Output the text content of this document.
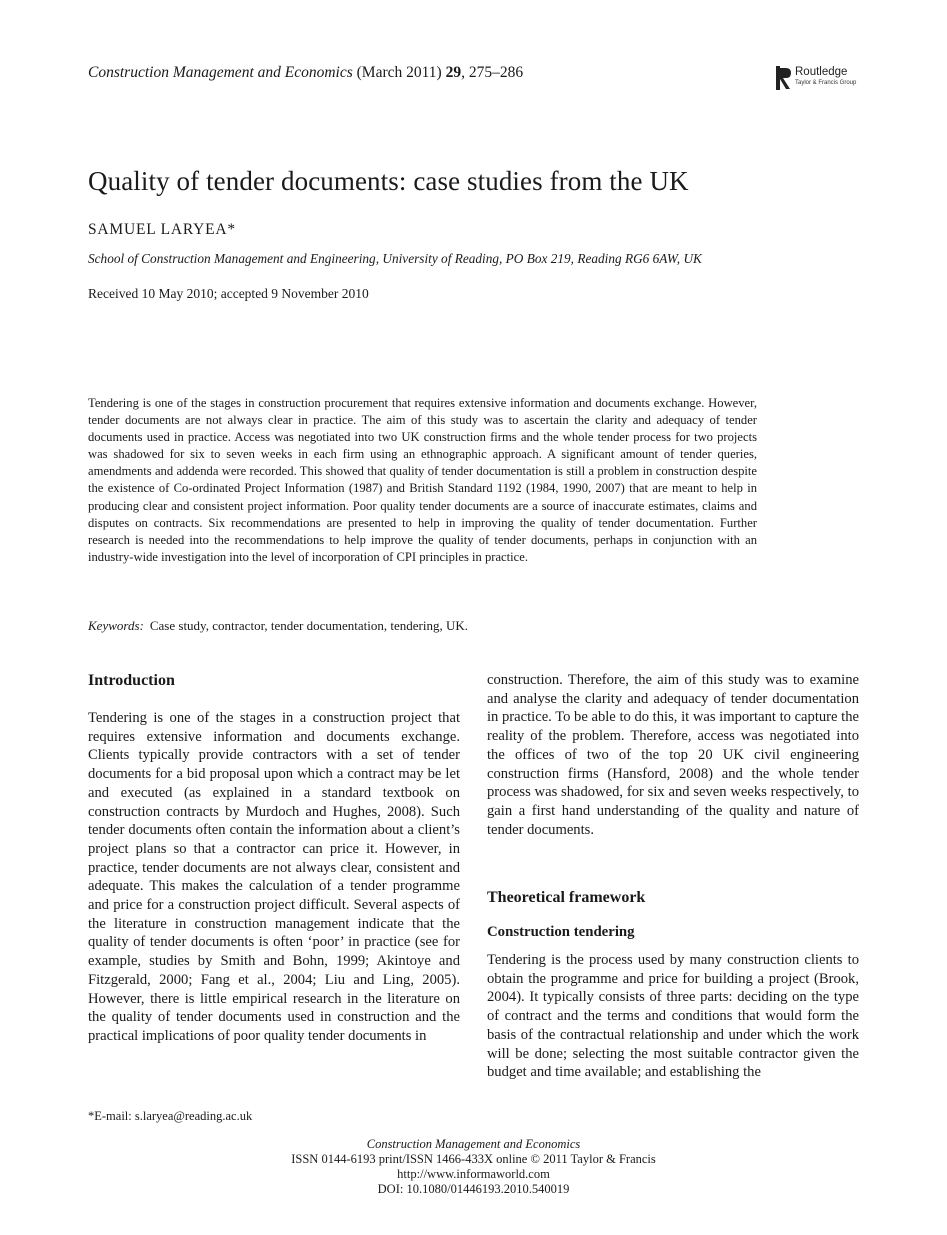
Construction Management and Economics (March 2011) 29, 275–286	Routledge
Taylor & Francis Group
Quality of tender documents: case studies from the UK
SAMUEL LARYEA*
School of Construction Management and Engineering, University of Reading, PO Box 219, Reading RG6 6AW, UK
Received 10 May 2010; accepted 9 November 2010

Tendering is one of the stages in construction procurement that requires extensive information and documents exchange. However, tender documents are not always clear in practice. The aim of this study was to ascertain the clarity and adequacy of tender documents used in practice. Access was negotiated into two UK construction firms and the whole tender process for two projects was shadowed for six to seven weeks in each firm using an ethnographic approach. A significant amount of tender queries, amendments and addenda were recorded. This showed that quality of tender documentation is still a problem in construction despite the existence of Co-ordinated Project Information (1987) and British Standard 1192 (1984, 1990, 2007) that are meant to help in producing clear and consistent project information. Poor quality tender documents are a source of inaccurate estimates, claims and disputes on contracts. Six recommendations are presented to help in improving the quality of tender documentation. Further research is needed into the recommendations to help improve the quality of tender documents, perhaps in conjunction with an industry-wide investigation into the level of incorporation of CPI principles in practice.

Keywords: Case study, contractor, tender documentation, tendering, UK.
Introduction

Tendering is one of the stages in a construction project that requires extensive information and documents exchange. Clients typically provide contractors with a set of tender documents for a bid proposal upon which a contract may be let and executed (as explained in a standard textbook on construction contracts by Murdoch and Hughes, 2008). Such tender documents often contain the information about a client’s project plans so that a contractor can price it. However, in practice, tender documents are not always clear, consistent and adequate. This makes the calculation of a tender programme and price for a construction project difficult. Several aspects of the literature in construction management indicate that the quality of tender documents is often ‘poor’ in practice (see for example, studies by Smith and Bohn, 1999; Akintoye and Fitzgerald, 2000; Fang et al., 2004; Liu and Ling, 2005). However, there is little empirical research in the literature on the quality of tender documents used in construction and the practical implications of poor quality tender documents in

construction. Therefore, the aim of this study was to examine and analyse the clarity and adequacy of tender documentation in practice. To be able to do this, it was important to capture the reality of the problem. Therefore, access was negotiated into the offices of two of the top 20 UK civil engineering construction firms (Hansford, 2008) and the whole tender process was shadowed, for six and seven weeks respectively, to gain a first hand understanding of the quality and nature of tender documents.

Theoretical framework
Construction tendering

Tendering is the process used by many construction clients to obtain the programme and price for building a project (Brook, 2004). It typically consists of three parts: deciding on the type of contract and the terms and conditions that would form the basis of the contractual relationship and under which the work will be done; selecting the most suitable contractor given the budget and time available; and establishing the

*E-mail: s.laryea@reading.ac.uk
Construction Management and Economics
ISSN 0144-6193 print/ISSN 1466-433X online © 2011 Taylor & Francis
http://www.informaworld.com
DOI: 10.1080/01446193.2010.540019
